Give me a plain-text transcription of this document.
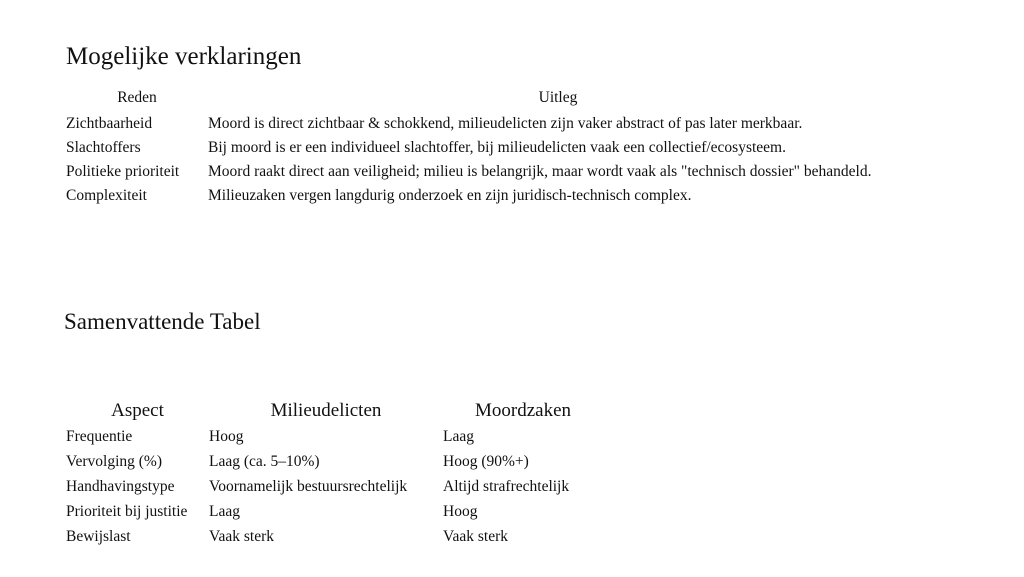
Mogelijke verklaringen
Reden	Uitleg
Zichtbaarheid	Moord is direct zichtbaar & schokkend, milieudelicten zijn vaker abstract of pas later merkbaar.
Slachtoffers	Bij moord is er een individueel slachtoffer, bij milieudelicten vaak een collectief/ecosysteem.
Politieke prioriteit	Moord raakt direct aan veiligheid; milieu is belangrijk, maar wordt vaak als "technisch dossier" behandeld.
Complexiteit	Milieuzaken vergen langdurig onderzoek en zijn juridisch-technisch complex.
Samenvattende Tabel
Aspect	Milieudelicten	Moordzaken
Frequentie	Hoog	Laag
Vervolging (%)	Laag (ca. 5–10%)	Hoog (90%+)
Handhavingstype	Voornamelijk bestuursrechtelijk	Altijd strafrechtelijk
Prioriteit bij justitie	Laag	Hoog
Bewijslast	Vaak sterk	Vaak sterk
